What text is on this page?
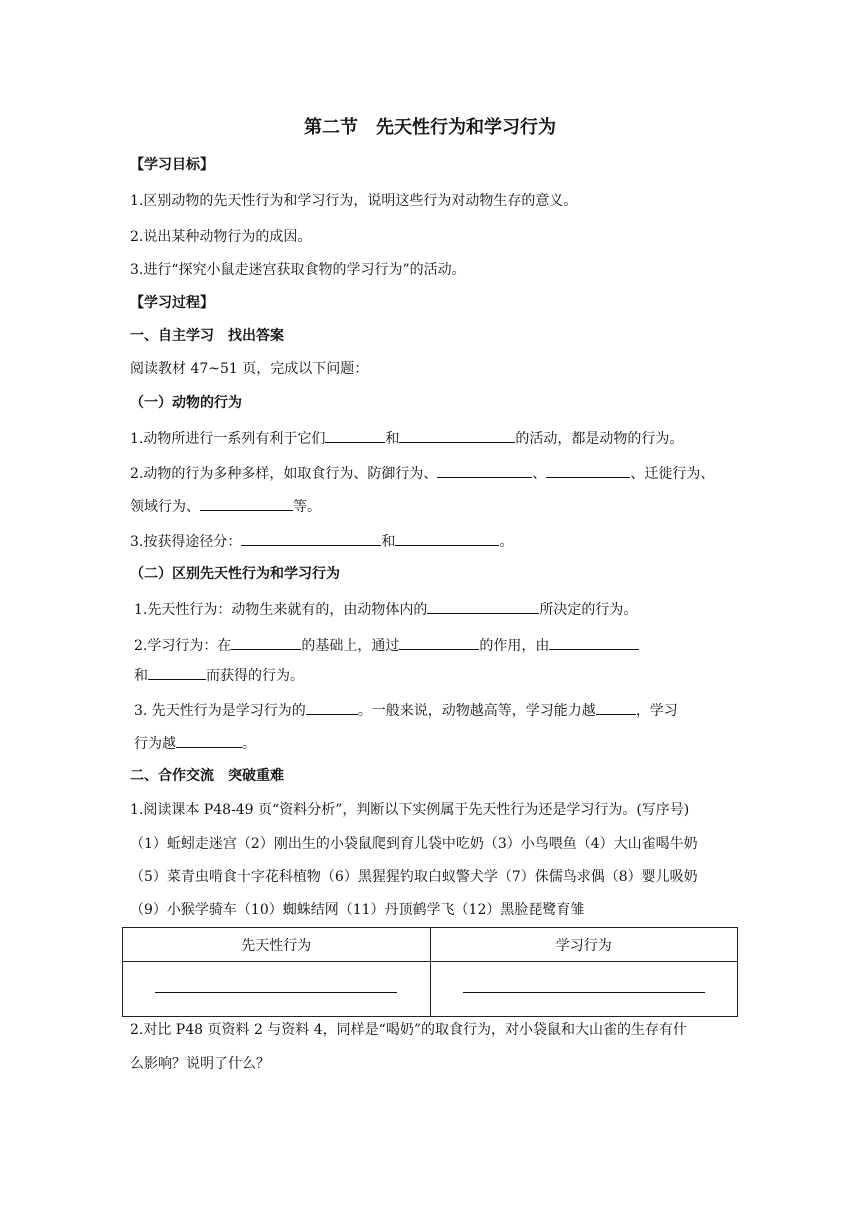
第二节　先天性行为和学习行为
【学习目标】
1.区别动物的先天性行为和学习行为，说明这些行为对动物生存的意义。
2.说出某种动物行为的成因。
3.进行“探究小鼠走迷宫获取食物的学习行为”的活动。
【学习过程】
一、自主学习　找出答案
阅读教材 47~51 页，完成以下问题：
（一）动物的行为
1.动物所进行一系列有利于它们	和	的活动，都是动物的行为。
2.动物的行为多种多样，如取食行为、防御行为、	、	、迁徙行为、
领域行为、	等。
3.按获得途径分：	和	。
（二）区别先天性行为和学习行为
1.先天性行为：动物生来就有的，由动物体内的	所决定的行为。
2.学习行为：在	的基础上，通过	的作用，由
和	而获得的行为。
3. 先天性行为是学习行为的	。一般来说，动物越高等，学习能力越	，学习
行为越	。
二、合作交流　突破重难
1.阅读课本 P48-49 页“资料分析”，判断以下实例属于先天性行为还是学习行为。(写序号)
（1）蚯蚓走迷宫（2）刚出生的小袋鼠爬到育儿袋中吃奶（3）小鸟喂鱼（4）大山雀喝牛奶
（5）菜青虫啃食十字花科植物（6）黑猩猩钓取白蚁警犬学（7）侏儒鸟求偶（8）婴儿吸奶
（9）小猴学骑车（10）蜘蛛结网（11）丹顶鹤学飞（12）黑脸琵鹭育雏
先天性行为	学习行为

2.对比 P48 页资料 2 与资料 4，同样是“喝奶”的取食行为，对小袋鼠和大山雀的生存有什
么影响？说明了什么？
